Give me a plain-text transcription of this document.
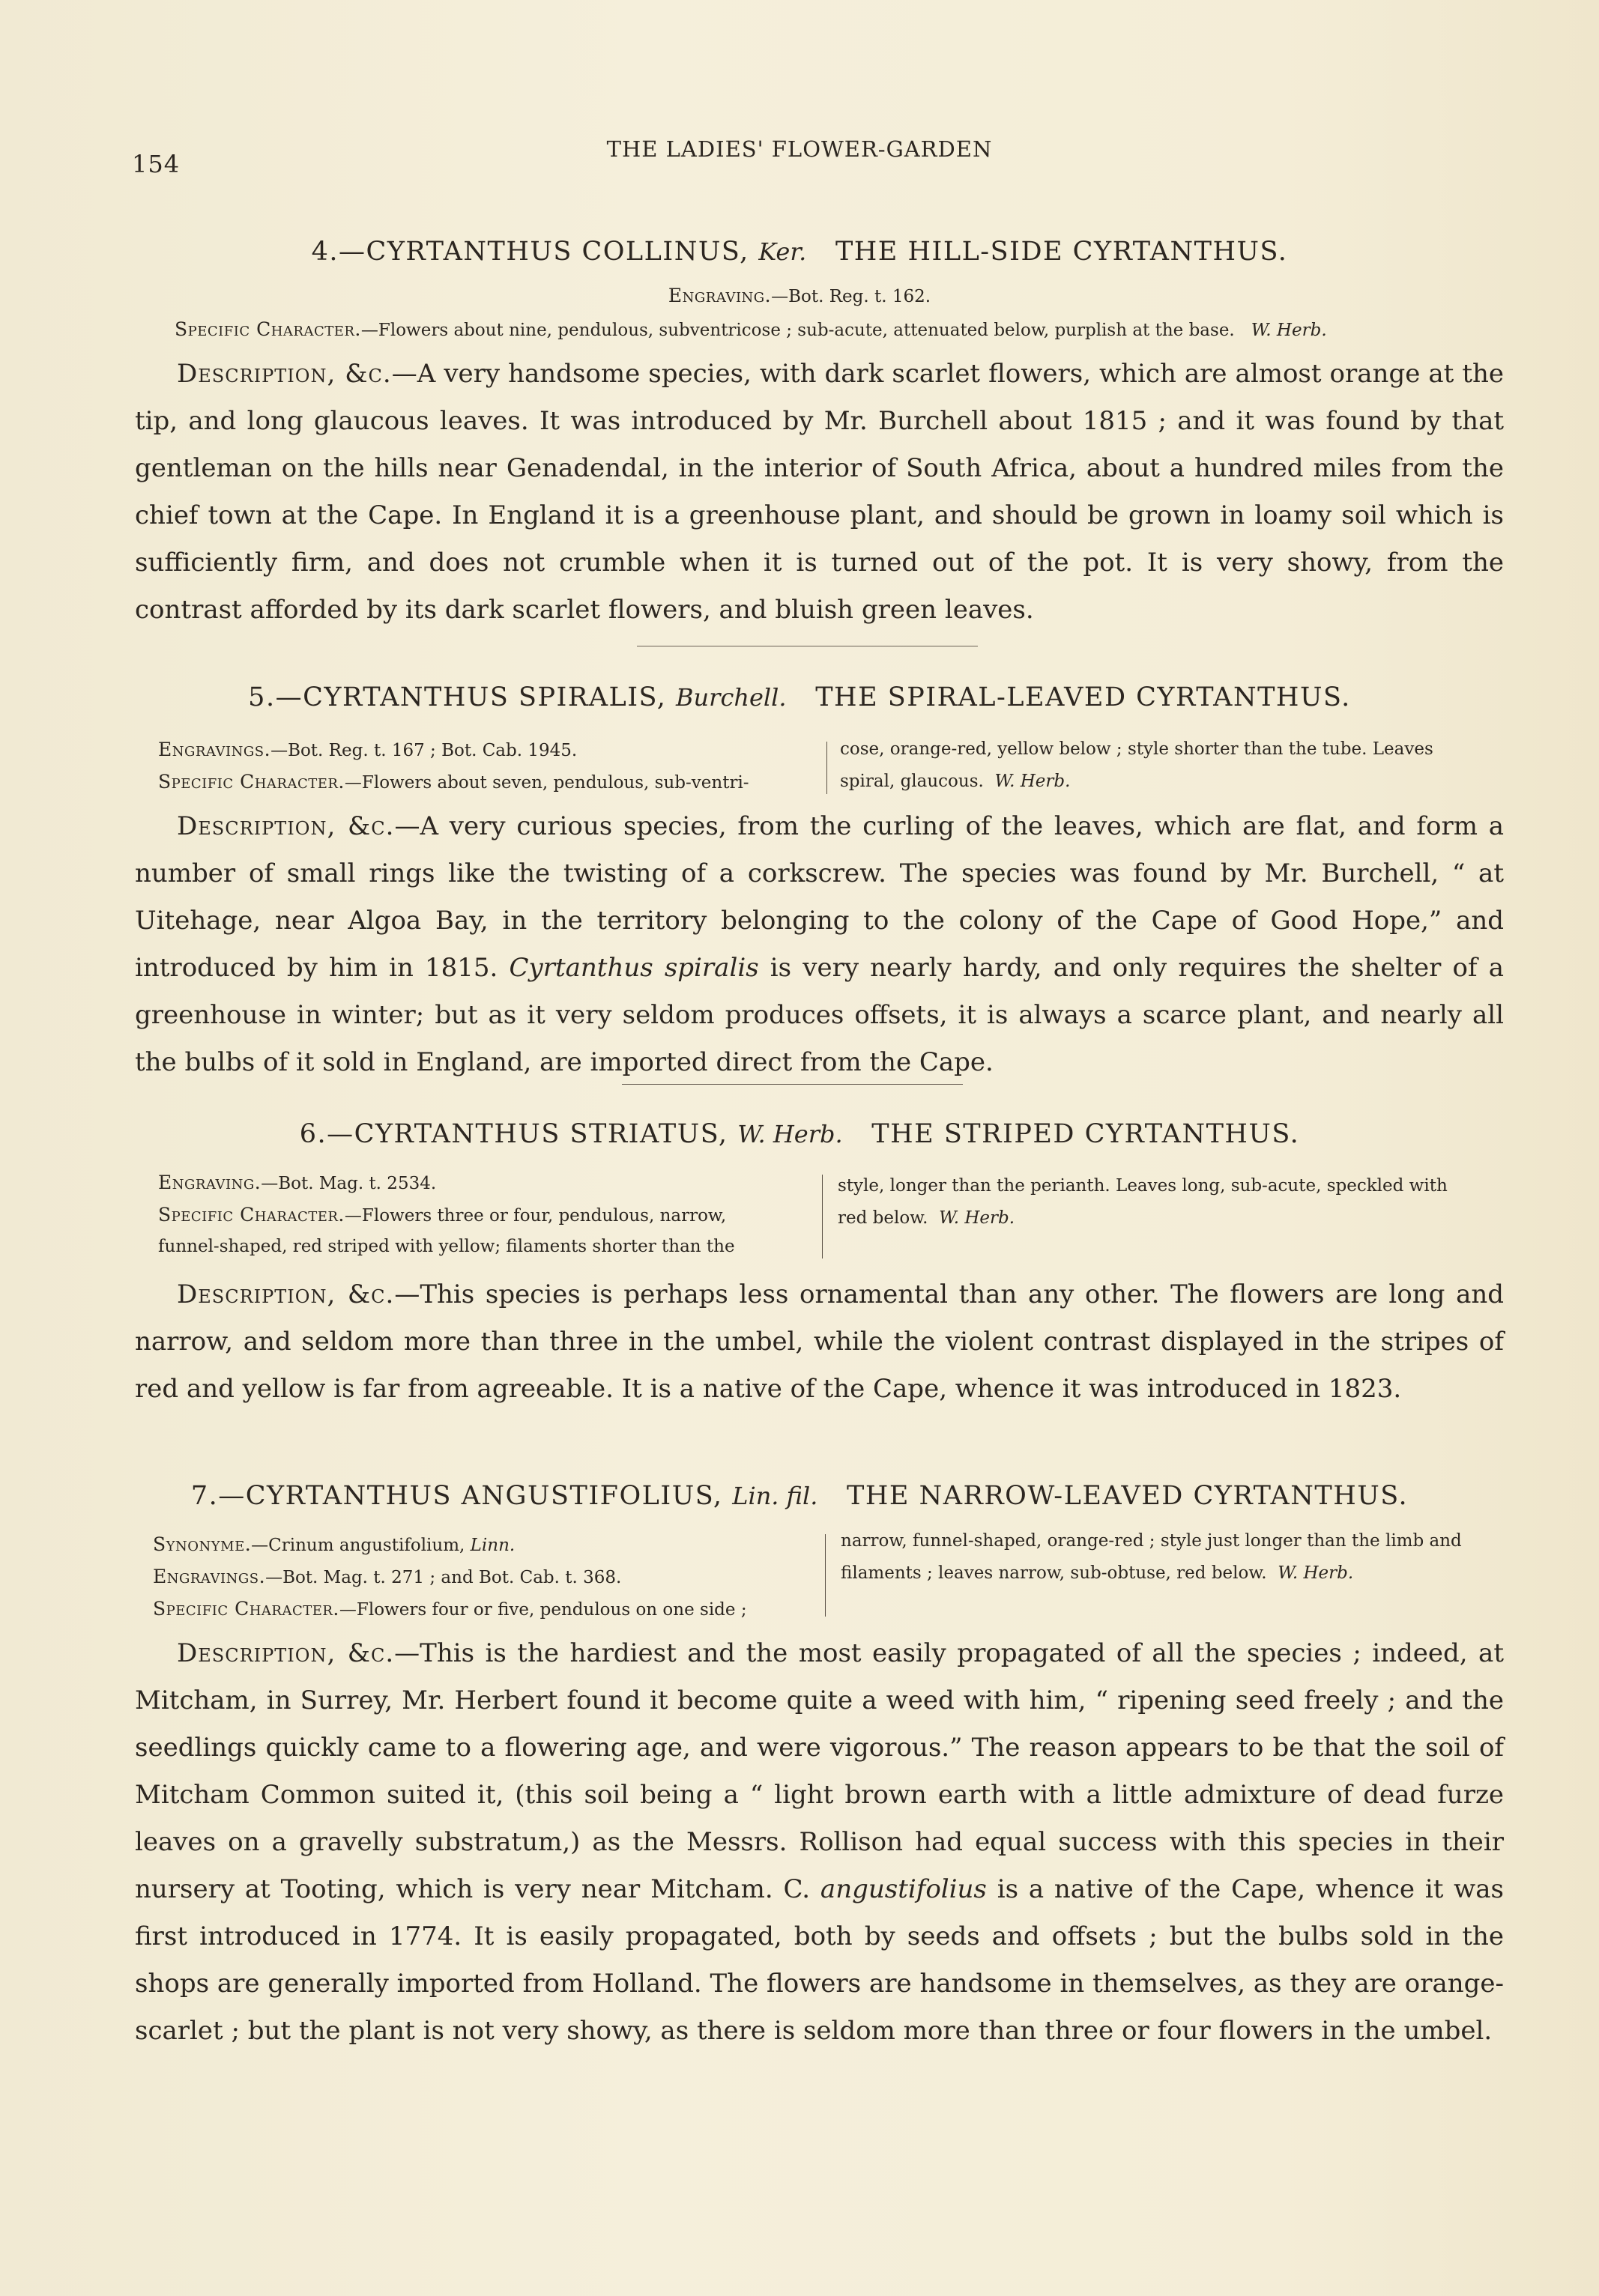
154
THE LADIES' FLOWER-GARDEN
4.—CYRTANTHUS COLLINUS, Ker. THE HILL-SIDE CYRTANTHUS.
Engraving.—Bot. Reg. t. 162.
Specific Character.—Flowers about nine, pendulous, subventricose ; sub-acute, attenuated below, purplish at the base. W. Herb.
Description, &c.—A very handsome species, with dark scarlet flowers, which are almost orange at the tip, and long glaucous leaves. It was introduced by Mr. Burchell about 1815 ; and it was found by that gentleman on the hills near Genadendal, in the interior of South Africa, about a hundred miles from the chief town at the Cape. In England it is a greenhouse plant, and should be grown in loamy soil which is sufficiently firm, and does not crumble when it is turned out of the pot. It is very showy, from the contrast afforded by its dark scarlet flowers, and bluish green leaves.
5.—CYRTANTHUS SPIRALIS, Burchell. THE SPIRAL-LEAVED CYRTANTHUS.
Engravings.—Bot. Reg. t. 167 ; Bot. Cab. 1945.
Specific Character.—Flowers about seven, pendulous, sub-ventri-
cose, orange-red, yellow below ; style shorter than the tube. Leaves
spiral, glaucous. W. Herb.
Description, &c.—A very curious species, from the curling of the leaves, which are flat, and form a number of small rings like the twisting of a corkscrew. The species was found by Mr. Burchell, “ at Uitehage, near Algoa Bay, in the territory belonging to the colony of the Cape of Good Hope,” and introduced by him in 1815. Cyrtanthus spiralis is very nearly hardy, and only requires the shelter of a greenhouse in winter; but as it very seldom produces offsets, it is always a scarce plant, and nearly all the bulbs of it sold in England, are imported direct from the Cape.
6.—CYRTANTHUS STRIATUS, W. Herb. THE STRIPED CYRTANTHUS.
Engraving.—Bot. Mag. t. 2534.
Specific Character.—Flowers three or four, pendulous, narrow,
funnel-shaped, red striped with yellow; filaments shorter than the
style, longer than the perianth. Leaves long, sub-acute, speckled with
red below. W. Herb.
Description, &c.—This species is perhaps less ornamental than any other. The flowers are long and narrow, and seldom more than three in the umbel, while the violent contrast displayed in the stripes of red and yellow is far from agreeable. It is a native of the Cape, whence it was introduced in 1823.
7.—CYRTANTHUS ANGUSTIFOLIUS, Lin. fil. THE NARROW-LEAVED CYRTANTHUS.
Synonyme.—Crinum angustifolium, Linn.
Engravings.—Bot. Mag. t. 271 ; and Bot. Cab. t. 368.
Specific Character.—Flowers four or five, pendulous on one side ;
narrow, funnel-shaped, orange-red ; style just longer than the limb and
filaments ; leaves narrow, sub-obtuse, red below. W. Herb.
Description, &c.—This is the hardiest and the most easily propagated of all the species ; indeed, at Mitcham, in Surrey, Mr. Herbert found it become quite a weed with him, “ ripening seed freely ; and the seedlings quickly came to a flowering age, and were vigorous.” The reason appears to be that the soil of Mitcham Common suited it, (this soil being a “ light brown earth with a little admixture of dead furze leaves on a gravelly substratum,) as the Messrs. Rollison had equal success with this species in their nursery at Tooting, which is very near Mitcham. C. angustifolius is a native of the Cape, whence it was first introduced in 1774. It is easily propagated, both by seeds and offsets ; but the bulbs sold in the shops are generally imported from Holland. The flowers are handsome in themselves, as they are orange-scarlet ; but the plant is not very showy, as there is seldom more than three or four flowers in the umbel.
